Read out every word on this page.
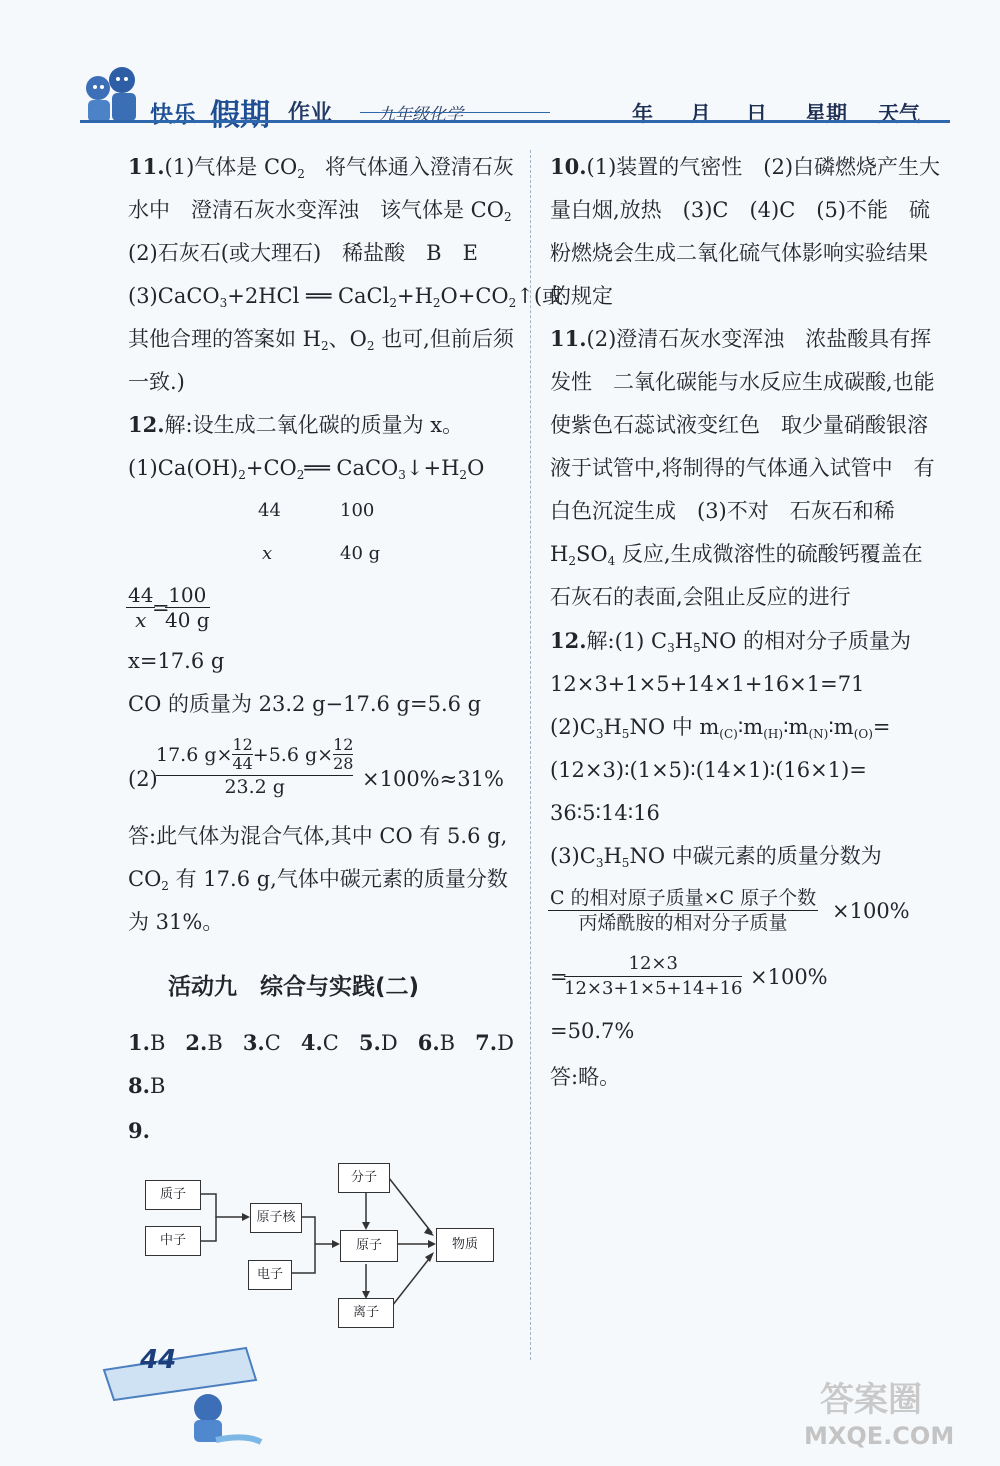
快乐 假期 作业	九年级化学	年 月 日 星期 天气
11.(1)气体是 $CO_2$ 将气体通入澄清石灰
水中　澄清石灰水变浑浊　该气体是 $CO_2$
(2)石灰石(或大理石)　稀盐酸　B　E
(3)CaCO$_3$+2HCl ══ $CaCl_2+H_2O+CO_2↑$(或
其他合理的答案如 $H_2$、$O_2$ 也可,但前后须
一致.)
12.解:设生成二氧化碳的质量为 x。
$(1)Ca(OH)_2+CO_2══$ $CaCO_3↓+H_2O$
44	100
x	40 g
$\frac{44}{x}$
=
$\frac{100}{40 g}$
x=17.6 g
CO 的质量为 23.2 g−17.6 g=5.6 g
(2)
17.6 $g\times \frac{12}{44} +5.6$ $g\times \frac{12}{28}$
23.2 g	×100%≈31%
答:此气体为混合气体,其中 CO 有 5.6 g,
$CO_2$ 有 17.6 g,气体中碳元素的质量分数
为 31%。
活动九　综合与实践(二)
1.B 2.B 3.C 4.C 5.D 6.B 7.D
8.B
9.
质子
中子
原子核
电子
分子
原子
离子
物质
10.(1)装置的气密性　(2)白磷燃烧产生大
量白烟,放热　(3)C　(4)C　(5)不能　硫
粉燃烧会生成二氧化硫气体影响实验结果
的规定
11.(2)澄清石灰水变浑浊　浓盐酸具有挥
发性　二氧化碳能与水反应生成碳酸,也能
使紫色石蕊试液变红色　取少量硝酸银溶
液于试管中,将制得的气体通入试管中　有
白色沉淀生成　(3)不对　石灰石和稀
$H_2SO_4$ 反应,生成微溶性的硫酸钙覆盖在
石灰石的表面,会阻止反应的进行
12.解:(1) $C_3H_5NO$ 的相对分子质量为
12×3+1×5+14×1+16×1=71
$(2)C_3H_5NO$ 中 $m_{(C)}∶m_{(H)}∶m_{(N)}∶m_{(O)}=$
(12×3)∶(1×5)∶(14×1)∶(16×1)=
36∶5∶14∶16
$(3)C_3H_5NO$ 中碳元素的质量分数为
C 的相对原子质量×C 原子个数
丙烯酰胺的相对分子质量	×100%
=
$\frac{12\times 3}{12\times 3+1\times 5+14+16} \times 100\%$
=50.7%
答:略。
44
答案圈
MXQE.COM
